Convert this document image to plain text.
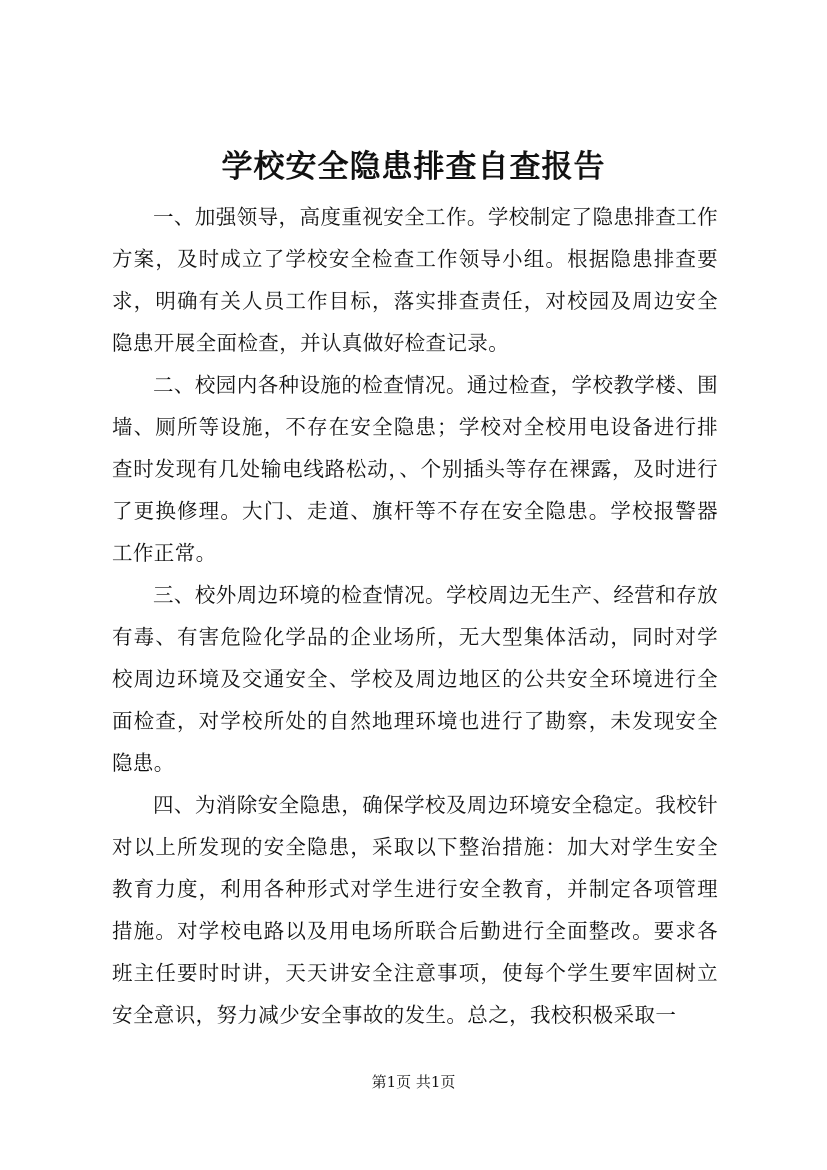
学校安全隐患排查自查报告

一、加强领导，高度重视安全工作。学校制定了隐患排查工作方案，及时成立了学校安全检查工作领导小组。根据隐患排查要求，明确有关人员工作目标，落实排查责任，对校园及周边安全隐患开展全面检查，并认真做好检查记录。

二、校园内各种设施的检查情况。通过检查，学校教学楼、围墙、厕所等设施，不存在安全隐患；学校对全校用电设备进行排查时发现有几处输电线路松动，、个别插头等存在裸露，及时进行了更换修理。大门、走道、旗杆等不存在安全隐患。学校报警器工作正常。

三、校外周边环境的检查情况。学校周边无生产、经营和存放有毒、有害危险化学品的企业场所，无大型集体活动，同时对学校周边环境及交通安全、学校及周边地区的公共安全环境进行全面检查，对学校所处的自然地理环境也进行了勘察，未发现安全隐患。

四、为消除安全隐患，确保学校及周边环境安全稳定。我校针对以上所发现的安全隐患，采取以下整治措施：加大对学生安全教育力度，利用各种形式对学生进行安全教育，并制定各项管理措施。对学校电路以及用电场所联合后勤进行全面整改。要求各班主任要时时讲，天天讲安全注意事项，使每个学生要牢固树立安全意识，努力减少安全事故的发生。总之，我校积极采取一

第1页 共1页
